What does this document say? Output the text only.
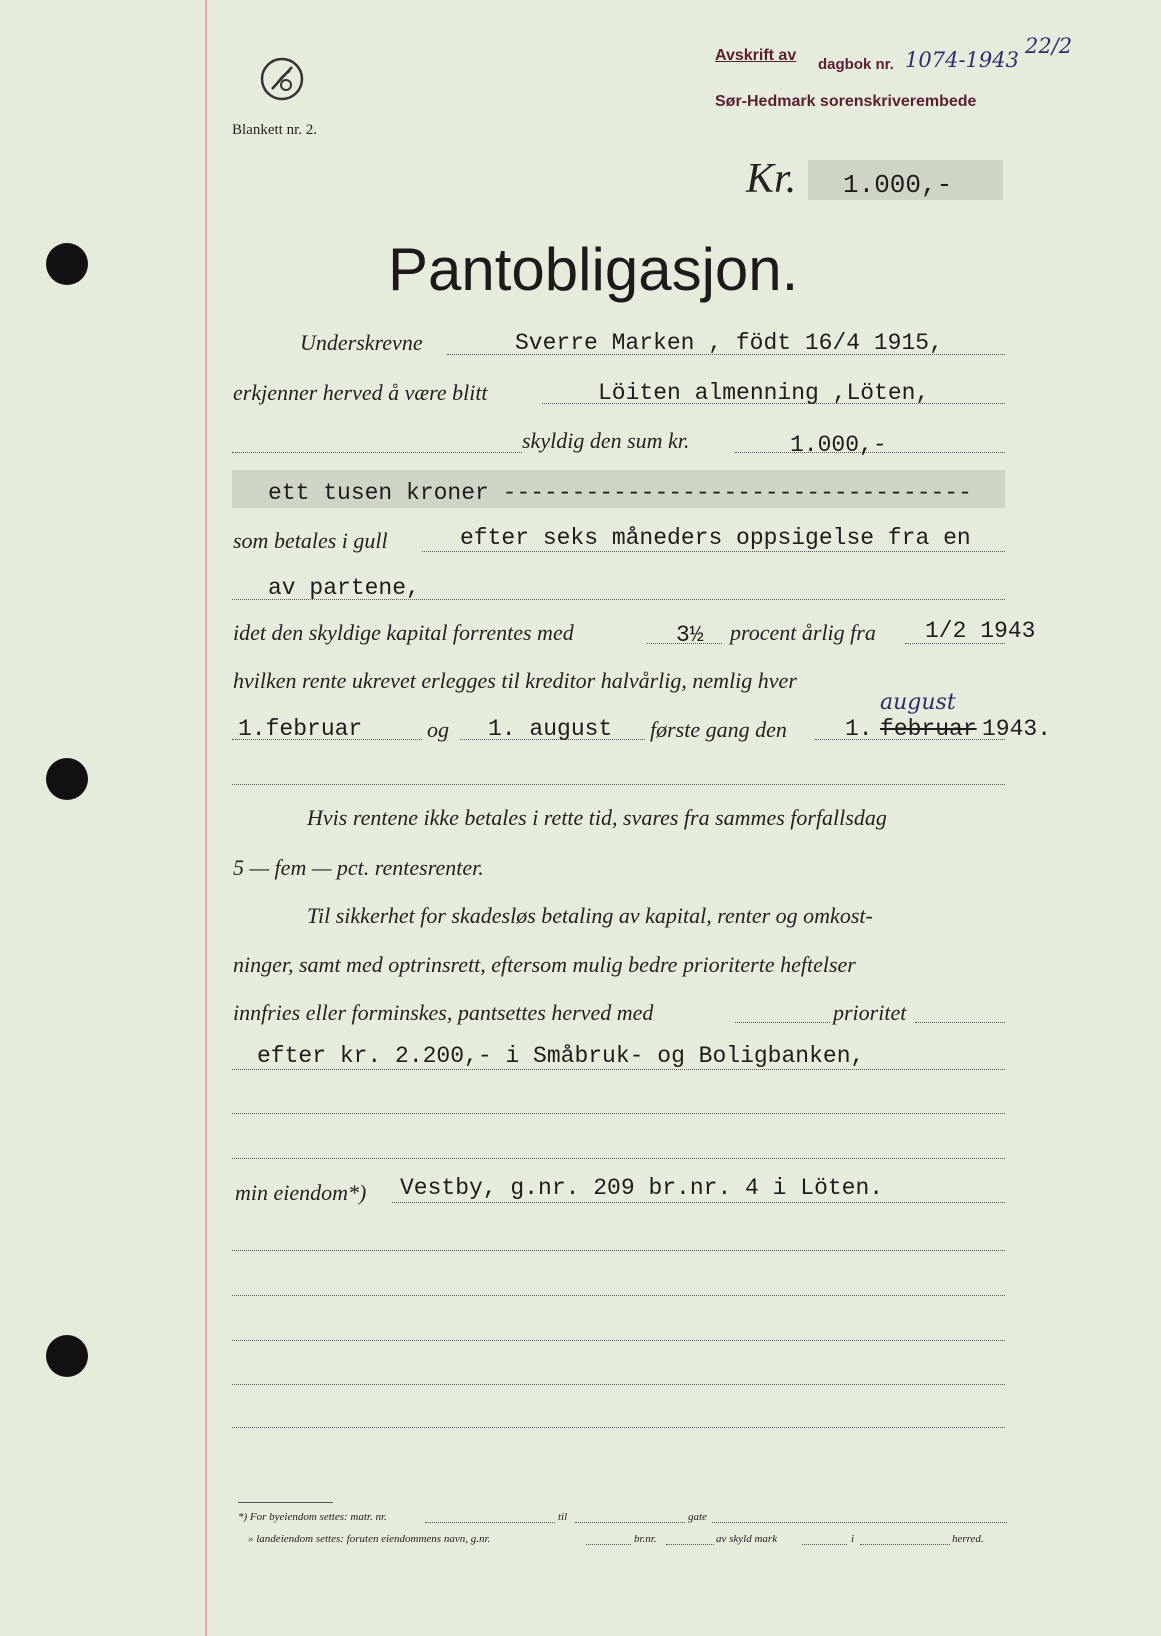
Blankett nr. 2.
Avskrift av
dagbok nr. 1074-1943
22/2
Sør-Hedmark sorenskriverembede
Kr. 1.000,-
Pantobligasjon.
Underskrevne	Sverre Marken , födt 16/4 1915,
erkjenner herved å være blitt	Löiten almenning ,Löten,
skyldig den sum kr.	1.000,-
ett tusen kroner ----------------------------------
som betales i gull	efter seks måneders oppsigelse fra en
av partene,
idet den skyldige kapital forrentes med	3½ procent årlig fra 1/2 1943
hvilken rente ukrevet erlegges til kreditor halvårlig, nemlig hver
1.februar	og 1. august første gang den	1. februar
august
1943.
Hvis rentene ikke betales i rette tid, svares fra sammes forfallsdag
5 — fem — pct. rentesrenter.
Til sikkerhet for skadesløs betaling av kapital, renter og omkost-
ninger, samt med optrinsrett, eftersom mulig bedre prioriterte heftelser
innfries eller forminskes, pantsettes herved med	prioritet
efter kr. 2.200,- i Småbruk- og Boligbanken,
min eiendom*) Vestby, g.nr. 209 br.nr. 4 i Löten.
*) For byeiendom settes: matr. nr.	til	gate
» landeiendom settes: foruten eiendommens navn, g.nr.	br.nr.	av skyld mark	i	herred.
